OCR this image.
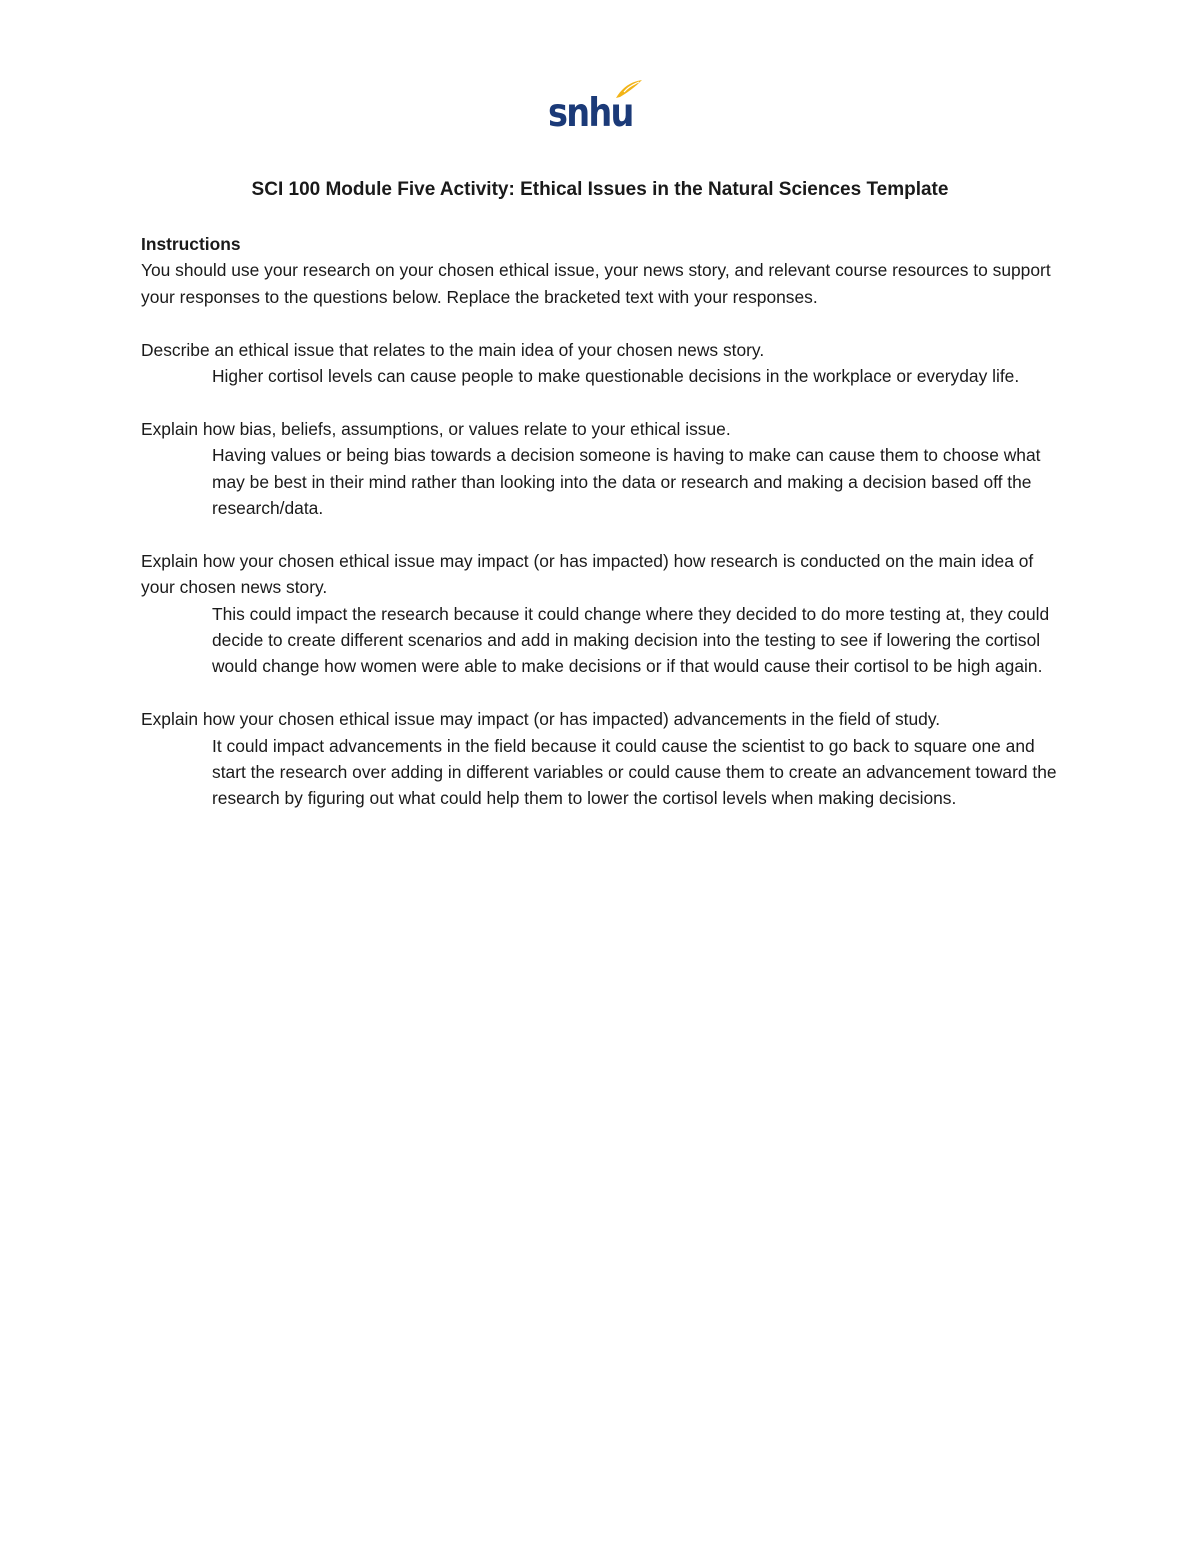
snhu
SCI 100 Module Five Activity: Ethical Issues in the Natural Sciences Template
Instructions

You should use your research on your chosen ethical issue, your news story, and relevant course resources to support your responses to the questions below. Replace the bracketed text with your responses.

Describe an ethical issue that relates to the main idea of your chosen news story.

Higher cortisol levels can cause people to make questionable decisions in the workplace or everyday life.

Explain how bias, beliefs, assumptions, or values relate to your ethical issue.

Having values or being bias towards a decision someone is having to make can cause them to choose what may be best in their mind rather than looking into the data or research and making a decision based off the research/data.

Explain how your chosen ethical issue may impact (or has impacted) how research is conducted on the main idea of your chosen news story.

This could impact the research because it could change where they decided to do more testing at, they could decide to create different scenarios and add in making decision into the testing to see if lowering the cortisol would change how women were able to make decisions or if that would cause their cortisol to be high again.

Explain how your chosen ethical issue may impact (or has impacted) advancements in the field of study.

It could impact advancements in the field because it could cause the scientist to go back to square one and start the research over adding in different variables or could cause them to create an advancement toward the research by figuring out what could help them to lower the cortisol levels when making decisions.
